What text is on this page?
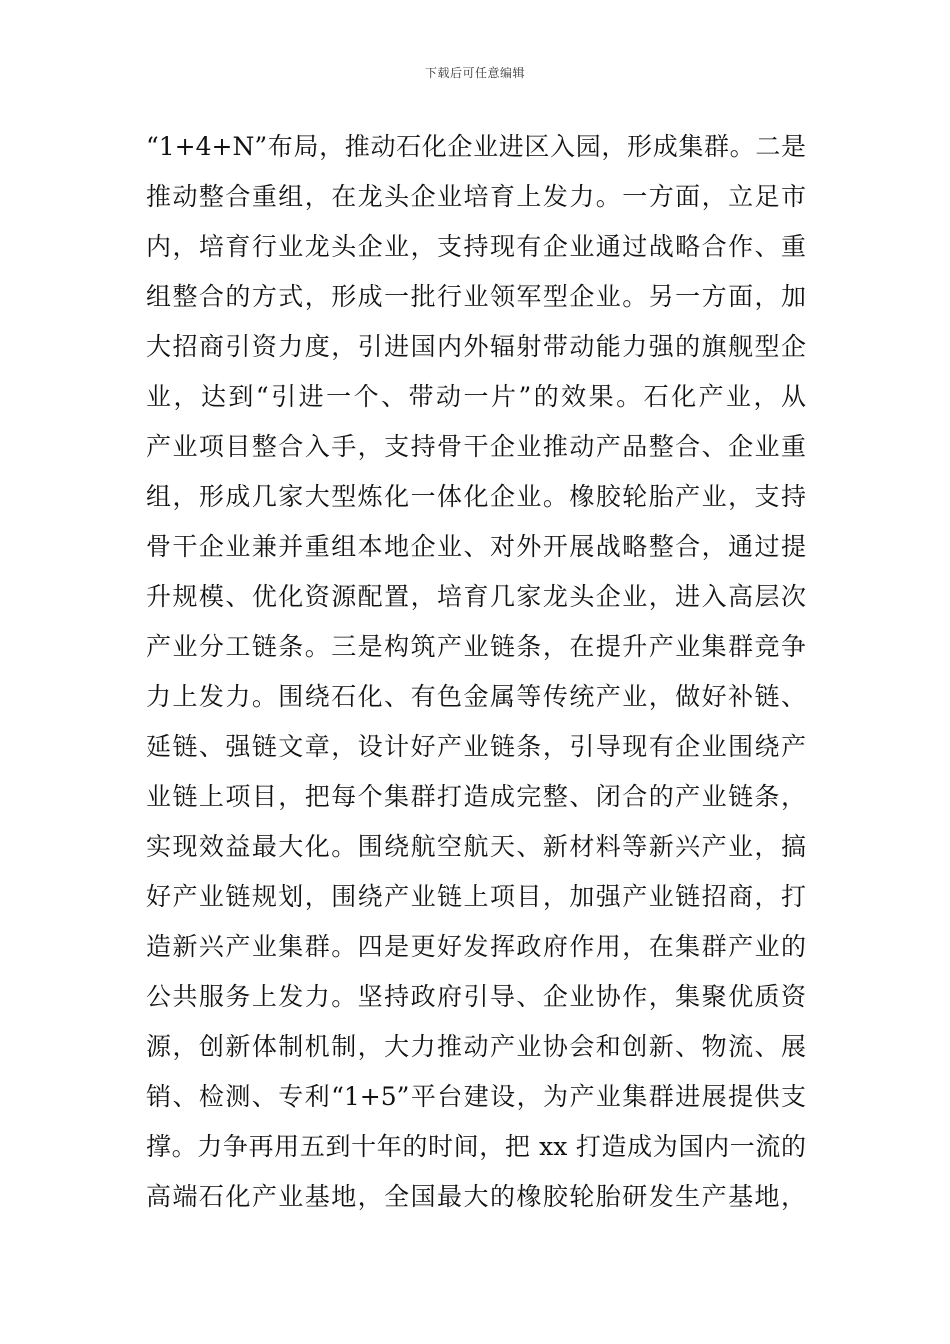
下载后可任意编辑
“1+4+N”布局，推动石化企业进区入园，形成集群。二是
推动整合重组，在龙头企业培育上发力。一方面，立足市
内，培育行业龙头企业，支持现有企业通过战略合作、重
组整合的方式，形成一批行业领军型企业。另一方面，加
大招商引资力度，引进国内外辐射带动能力强的旗舰型企
业，达到“引进一个、带动一片”的效果。石化产业，从
产业项目整合入手，支持骨干企业推动产品整合、企业重
组，形成几家大型炼化一体化企业。橡胶轮胎产业，支持
骨干企业兼并重组本地企业、对外开展战略整合，通过提
升规模、优化资源配置，培育几家龙头企业，进入高层次
产业分工链条。三是构筑产业链条，在提升产业集群竞争
力上发力。围绕石化、有色金属等传统产业，做好补链、
延链、强链文章，设计好产业链条，引导现有企业围绕产
业链上项目，把每个集群打造成完整、闭合的产业链条，
实现效益最大化。围绕航空航天、新材料等新兴产业，搞
好产业链规划，围绕产业链上项目，加强产业链招商，打
造新兴产业集群。四是更好发挥政府作用，在集群产业的
公共服务上发力。坚持政府引导、企业协作，集聚优质资
源，创新体制机制，大力推动产业协会和创新、物流、展
销、检测、专利“1+5”平台建设，为产业集群进展提供支
撑。力争再用五到十年的时间，把 xx 打造成为国内一流的
高端石化产业基地，全国最大的橡胶轮胎研发生产基地，
